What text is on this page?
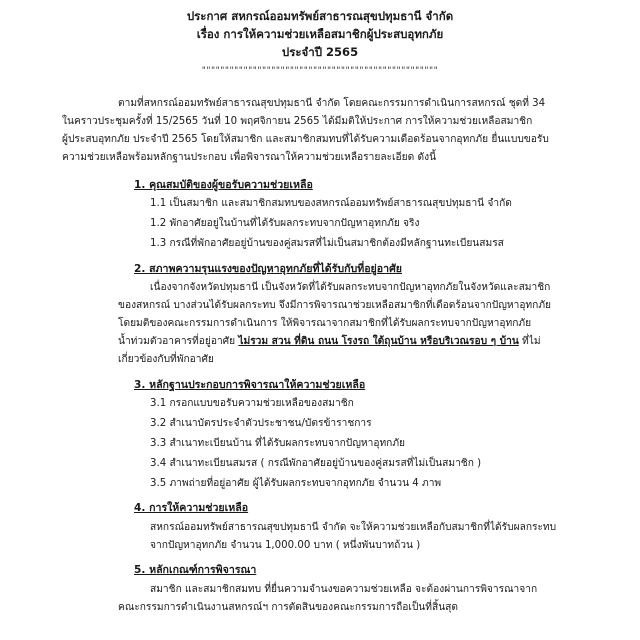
ประกาศ สหกรณ์ออมทรัพย์สาธารณสุขปทุมธานี จำกัด
เรื่อง การให้ความช่วยเหลือสมาชิกผู้ประสบอุทกภัย
ประจำปี 2565
"""""""""""""""""""""""""""""""""""""""""""""""""""
ตามที่สหกรณ์ออมทรัพย์สาธารณสุขปทุมธานี จำกัด โดยคณะกรรมการดำเนินการสหกรณ์ ชุดที่ 34
ในคราวประชุมครั้งที่ 15/2565 วันที่ 10 พฤศจิกายน 2565 ได้มีมติให้ประกาศ การให้ความช่วยเหลือสมาชิก
ผู้ประสบอุทกภัย ประจำปี 2565 โดยให้สมาชิก และสมาชิกสมทบที่ได้รับความเดือดร้อนจากอุทกภัย ยื่นแบบขอรับ
ความช่วยเหลือพร้อมหลักฐานประกอบ เพื่อพิจารณาให้ความช่วยเหลือรายละเอียด ดังนี้
1. คุณสมบัติของผู้ขอรับความช่วยเหลือ
1.1 เป็นสมาชิก และสมาชิกสมทบของสหกรณ์ออมทรัพย์สาธารณสุขปทุมธานี จำกัด
1.2 พักอาศัยอยู่ในบ้านที่ได้รับผลกระทบจากปัญหาอุทกภัย จริง
1.3 กรณีที่พักอาศัยอยู่บ้านของคู่สมรสที่ไม่เป็นสมาชิกต้องมีหลักฐานทะเบียนสมรส
2. สภาพความรุนแรงของปัญหาอุทกภัยที่ได้รับกับที่อยู่อาศัย
เนื่องจากจังหวัดปทุมธานี เป็นจังหวัดที่ได้รับผลกระทบจากปัญหาอุทกภัยในจังหวัดและสมาชิก
ของสหกรณ์ บางส่วนได้รับผลกระทบ จึงมีการพิจารณาช่วยเหลือสมาชิกที่เดือดร้อนจากปัญหาอุทกภัย
โดยมติของคณะกรรมการดำเนินการ ให้พิจารณาจากสมาชิกที่ได้รับผลกระทบจากปัญหาอุทกภัย
น้ำท่วมตัวอาคารที่อยู่อาศัย ไม่รวม สวน ที่ดิน ถนน โรงรถ ใต้ถุนบ้าน หรือบริเวณรอบ ๆ บ้าน ที่ไม่
เกี่ยวข้องกับที่พักอาศัย
3. หลักฐานประกอบการพิจารณาให้ความช่วยเหลือ
3.1 กรอกแบบขอรับความช่วยเหลือของสมาชิก
3.2 สำเนาบัตรประจำตัวประชาชน/บัตรข้าราชการ
3.3 สำเนาทะเบียนบ้าน ที่ได้รับผลกระทบจากปัญหาอุทกภัย
3.4 สำเนาทะเบียนสมรส ( กรณีพักอาศัยอยู่บ้านของคู่สมรสที่ไม่เป็นสมาชิก )
3.5 ภาพถ่ายที่อยู่อาศัย ผู้ได้รับผลกระทบจากอุทกภัย จำนวน 4 ภาพ
4. การให้ความช่วยเหลือ
สหกรณ์ออมทรัพย์สาธารณสุขปทุมธานี จำกัด จะให้ความช่วยเหลือกับสมาชิกที่ได้รับผลกระทบ
จากปัญหาอุทกภัย จำนวน 1,000.00 บาท ( หนึ่งพันบาทถ้วน )
5. หลักเกณฑ์การพิจารณา
สมาชิก และสมาชิกสมทบ ที่ยื่นความจำนงขอความช่วยเหลือ จะต้องผ่านการพิจารณาจาก
คณะกรรมการดำเนินงานสหกรณ์ฯ การตัดสินของคณะกรรมการถือเป็นที่สิ้นสุด
